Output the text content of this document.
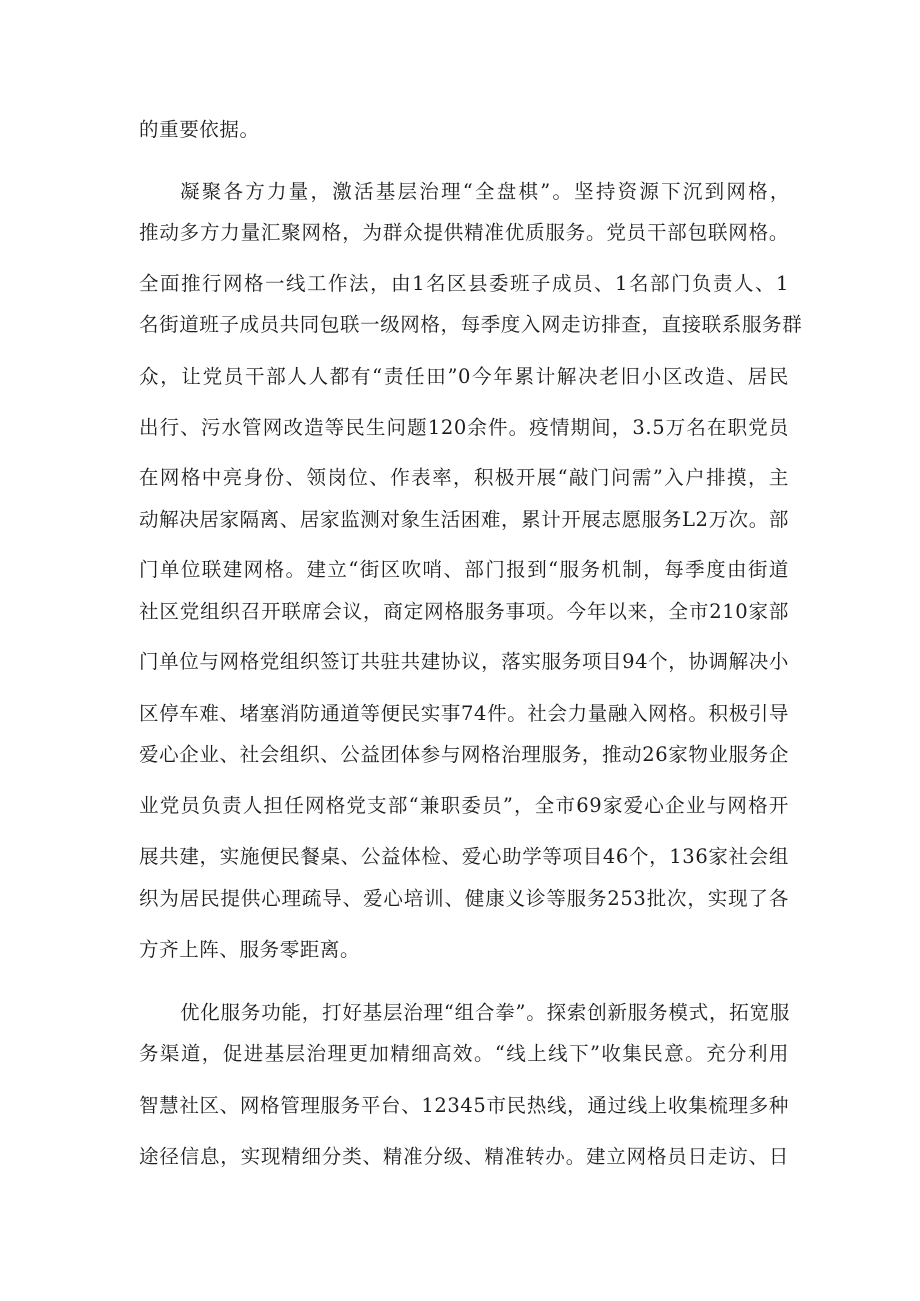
的重要依据。
凝聚各方力量，激活基层治理“全盘棋”。坚持资源下沉到网格，
推动多方力量汇聚网格，为群众提供精准优质服务。党员干部包联网格。
全面推行网格一线工作法，由1名区县委班子成员、1名部门负责人、1
名街道班子成员共同包联一级网格，每季度入网走访排查，直接联系服务群
众，让党员干部人人都有“责任田”0今年累计解决老旧小区改造、居民
出行、污水管网改造等民生问题120余件。疫情期间，3.5万名在职党员
在网格中亮身份、领岗位、作表率，积极开展“敲门问需”入户排摸，主
动解决居家隔离、居家监测对象生活困难，累计开展志愿服务L2万次。部
门单位联建网格。建立“街区吹哨、部门报到“服务机制，每季度由街道
社区党组织召开联席会议，商定网格服务事项。今年以来，全市210家部
门单位与网格党组织签订共驻共建协议，落实服务项目94个，协调解决小
区停车难、堵塞消防通道等便民实事74件。社会力量融入网格。积极引导
爱心企业、社会组织、公益团体参与网格治理服务，推动26家物业服务企
业党员负责人担任网格党支部“兼职委员”，全市69家爱心企业与网格开
展共建，实施便民餐桌、公益体检、爱心助学等项目46个，136家社会组
织为居民提供心理疏导、爱心培训、健康义诊等服务253批次，实现了各
方齐上阵、服务零距离。
优化服务功能，打好基层治理“组合拳”。探索创新服务模式，拓宽服
务渠道，促进基层治理更加精细高效。“线上线下”收集民意。充分利用
智慧社区、网格管理服务平台、12345市民热线，通过线上收集梳理多种
途径信息，实现精细分类、精准分级、精准转办。建立网格员日走访、日
